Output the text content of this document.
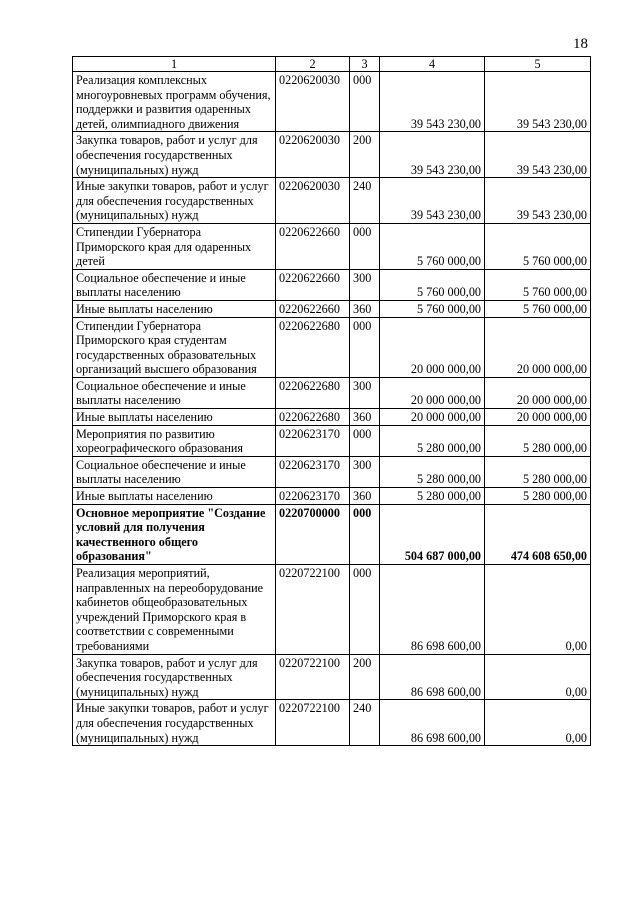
18
1	2	3	4	5
Реализация комплексных многоуровневых программ обучения, поддержки и развития одаренных детей, олимпиадного движения	0220620030	000	39 543 230,00	39 543 230,00
Закупка товаров, работ и услуг для обеспечения государственных (муниципальных) нужд	0220620030	200	39 543 230,00	39 543 230,00
Иные закупки товаров, работ и услуг для обеспечения государственных (муниципальных) нужд	0220620030	240	39 543 230,00	39 543 230,00
Стипендии Губернатора Приморского края для одаренных детей	0220622660	000	5 760 000,00	5 760 000,00
Социальное обеспечение и иные выплаты населению	0220622660	300	5 760 000,00	5 760 000,00
Иные выплаты населению	0220622660	360	5 760 000,00	5 760 000,00
Стипендии Губернатора Приморского края студентам государственных образовательных организаций высшего образования	0220622680	000	20 000 000,00	20 000 000,00
Социальное обеспечение и иные выплаты населению	0220622680	300	20 000 000,00	20 000 000,00
Иные выплаты населению	0220622680	360	20 000 000,00	20 000 000,00
Мероприятия по развитию хореографического образования	0220623170	000	5 280 000,00	5 280 000,00
Социальное обеспечение и иные выплаты населению	0220623170	300	5 280 000,00	5 280 000,00
Иные выплаты населению	0220623170	360	5 280 000,00	5 280 000,00
Основное мероприятие "Создание условий для получения качественного общего образования"	0220700000	000	504 687 000,00	474 608 650,00
Реализация мероприятий, направленных на переоборудование кабинетов общеобразовательных учреждений Приморского края в соответствии с современными требованиями	0220722100	000	86 698 600,00	0,00
Закупка товаров, работ и услуг для обеспечения государственных (муниципальных) нужд	0220722100	200	86 698 600,00	0,00
Иные закупки товаров, работ и услуг для обеспечения государственных (муниципальных) нужд	0220722100	240	86 698 600,00	0,00
